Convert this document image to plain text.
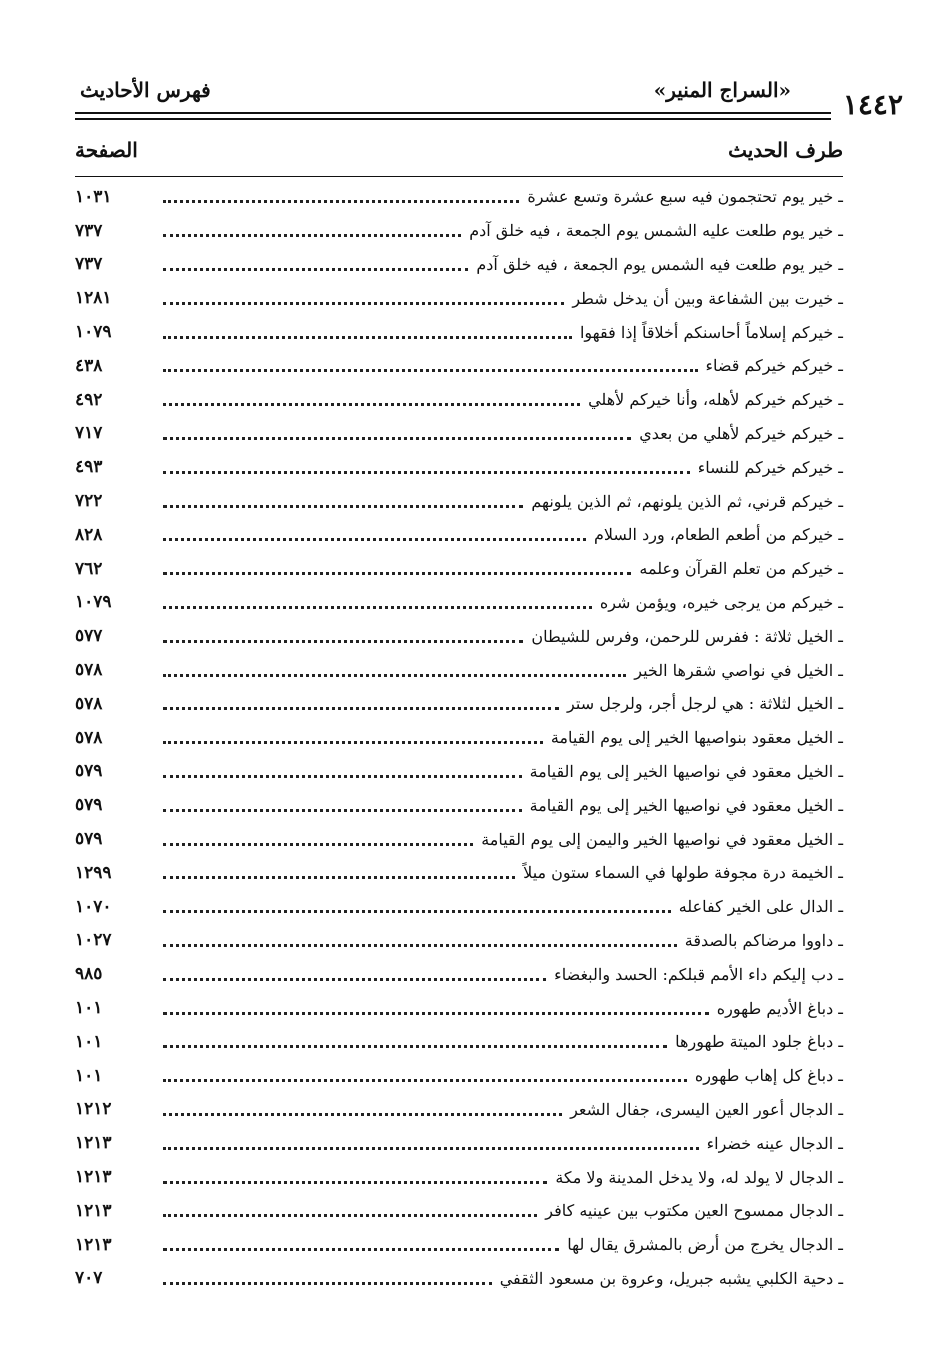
فهرس الأحاديث	«السراج المنير» ١٤٤٢
طرف الحديث
الصفحة
ـ خير يوم تحتجمون فيه سبع عشرة وتسع عشرة
١٠٣١
ـ خير يوم طلعت عليه الشمس يوم الجمعة ، فيه خلق آدم
٧٣٧
ـ خير يوم طلعت فيه الشمس يوم الجمعة ، فيه خلق آدم
٧٣٧
ـ خيرت بين الشفاعة وبين أن يدخل شطر
١٢٨١
ـ خيركم إسلاماً أحاسنكم أخلاقاً إذا فقهوا
١٠٧٩
ـ خيركم خيركم قضاء
٤٣٨
ـ خيركم خيركم لأهله، وأنا خيركم لأهلي
٤٩٢
ـ خيركم خيركم لأهلي من بعدي
٧١٧
ـ خيركم خيركم للنساء
٤٩٣
ـ خيركم قرني، ثم الذين يلونهم، ثم الذين يلونهم
٧٢٢
ـ خيركم من أطعم الطعام، ورد السلام
٨٢٨
ـ خيركم من تعلم القرآن وعلمه
٧٦٢
ـ خيركم من يرجى خيره، ويؤمن شره
١٠٧٩
ـ الخيل ثلاثة : ففرس للرحمن، وفرس للشيطان
٥٧٧
ـ الخيل في نواصي شقرها الخير
٥٧٨
ـ الخيل لثلاثة : هي لرجل أجر، ولرجل ستر
٥٧٨
ـ الخيل معقود بنواصيها الخير إلى يوم القيامة
٥٧٨
ـ الخيل معقود في نواصيها الخير إلى يوم القيامة
٥٧٩
ـ الخيل معقود في نواصيها الخير إلى يوم القيامة
٥٧٩
ـ الخيل معقود في نواصيها الخير واليمن إلى يوم القيامة
٥٧٩
ـ الخيمة درة مجوفة طولها في السماء ستون ميلاً
١٢٩٩
ـ الدال على الخير كفاعله
١٠٧٠
ـ داووا مرضاكم بالصدقة
١٠٢٧
ـ دب إليكم داء الأمم قبلكم: الحسد والبغضاء
٩٨٥
ـ دباغ الأديم طهوره
١٠١
ـ دباغ جلود الميتة طهورها
١٠١
ـ دباغ كل إهاب طهوره
١٠١
ـ الدجال أعور العين اليسرى، جفال الشعر
١٢١٢
ـ الدجال عينه خضراء
١٢١٣
ـ الدجال لا يولد له، ولا يدخل المدينة ولا مكة
١٢١٣
ـ الدجال ممسوح العين مكتوب بين عينيه كافر
١٢١٣
ـ الدجال يخرج من أرض بالمشرق يقال لها
١٢١٣
ـ دحية الكلبي يشبه جبريل، وعروة بن مسعود الثقفي
٧٠٧
